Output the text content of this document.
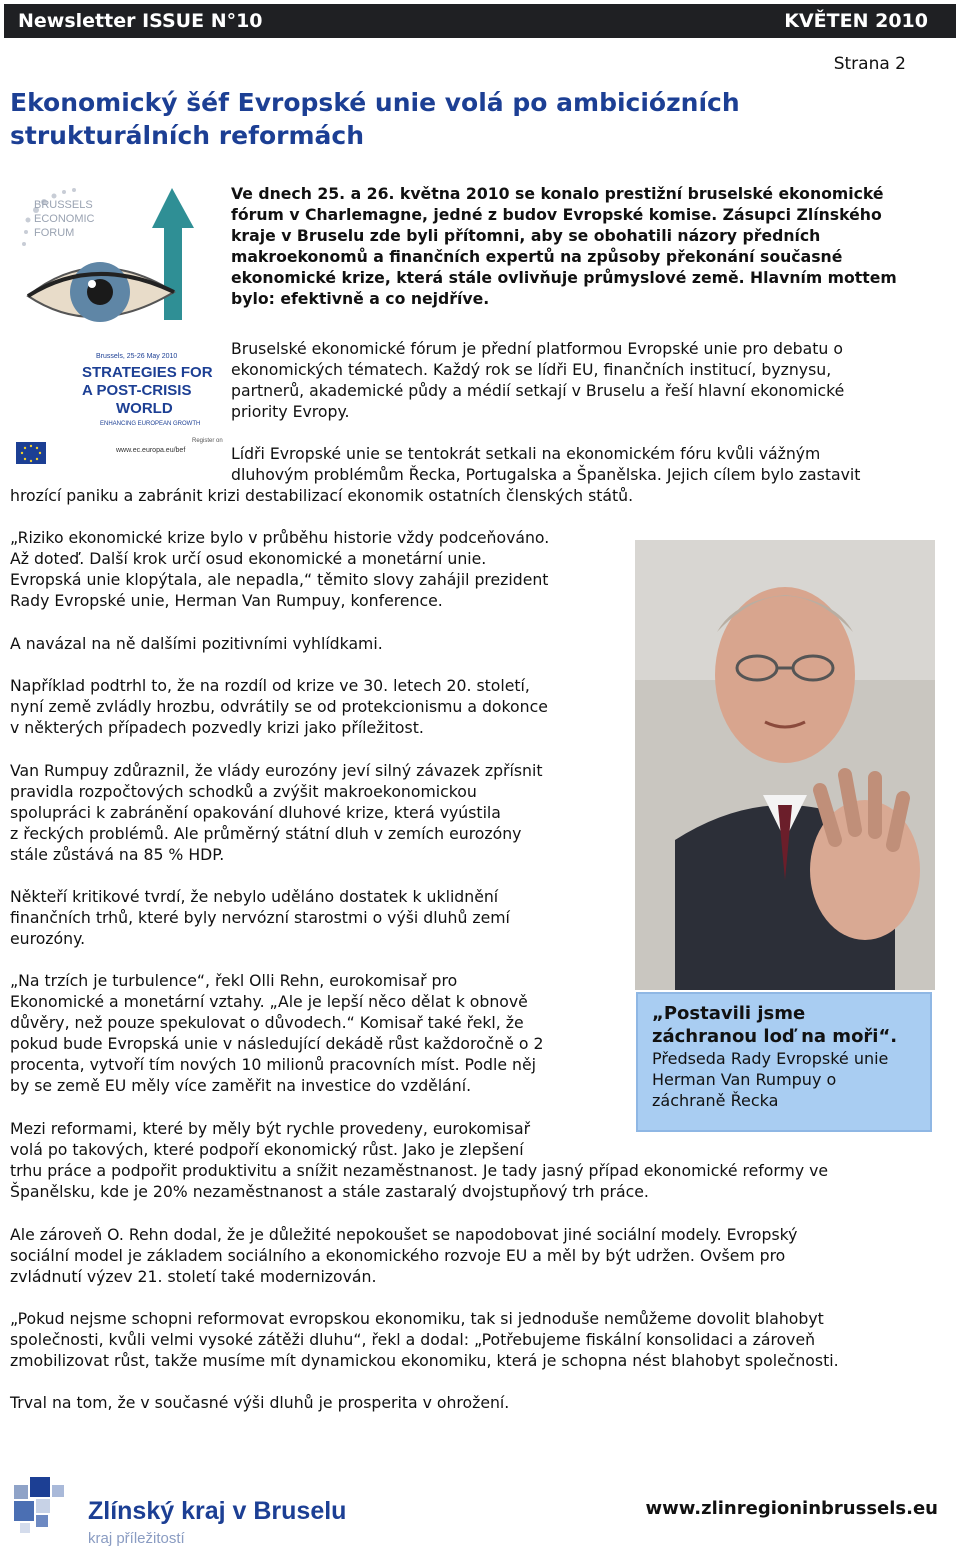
Newsletter ISSUE N°10	KVĚTEN 2010
Strana 2
Ekonomický šéf Evropské unie volá po ambiciózních strukturálních reformách
BRUSSELS
ECONOMIC
FORUM
Brussels, 25-26 May 2010
STRATEGIES FOR
A POST-CRISIS
WORLD
ENHANCING EUROPEAN GROWTH
Register on
www.ec.europa.eu/bef

Ve dnech 25. a 26. května 2010 se konalo prestižní bruselské ekonomické

fórum v Charlemagne, jedné z budov Evropské komise. Zásupci Zlínského

kraje v Bruselu zde byli přítomni, aby se obohatili názory předních

makroekonomů a finančních expertů na způsoby překonání současné

ekonomické krize, která stále ovlivňuje průmyslové země. Hlavním mottem

bylo: efektivně a co nejdříve.

Bruselské ekonomické fórum je přední platformou Evropské unie pro debatu o

ekonomických tématech. Každý rok se lídři EU, finančních institucí, byznysu,

partnerů, akademické půdy a médií setkají v Bruselu a řeší hlavní ekonomické

priority Evropy.

Lídři Evropské unie se tentokrát setkali na ekonomickém fóru kvůli vážným

dluhovým problémům Řecka, Portugalska a Španělska. Jejich cílem bylo zastavit

hrozící paniku a zabránit krizi destabilizací ekonomik ostatních členských států.

„Riziko ekonomické krize bylo v průběhu historie vždy podceňováno.

Až doteď. Další krok určí osud ekonomické a monetární unie.

Evropská unie klopýtala, ale nepadla,“ těmito slovy zahájil prezident

Rady Evropské unie, Herman Van Rumpuy, konference.

A navázal na ně dalšími pozitivními vyhlídkami.

Například podtrhl to, že na rozdíl od krize ve 30. letech 20. století,

nyní země zvládly hrozbu, odvrátily se od protekcionismu a dokonce

v některých případech pozvedly krizi jako příležitost.

Van Rumpuy zdůraznil, že vlády eurozóny jeví silný závazek zpřísnit

pravidla rozpočtových schodků a zvýšit makroekonomickou

spolupráci k zabránění opakování dluhové krize, která vyústila

z řeckých problémů. Ale průměrný státní dluh v zemích eurozóny

stále zůstává na 85 % HDP.

Někteří kritikové tvrdí, že nebylo uděláno dostatek k uklidnění

finančních trhů, které byly nervózní starostmi o výši dluhů zemí

eurozóny.

„Na trzích je turbulence“, řekl Olli Rehn, eurokomisař pro

Ekonomické a monetární vztahy. „Ale je lepší něco dělat k obnově

důvěry, než pouze spekulovat o důvodech.“ Komisař také řekl, že

pokud bude Evropská unie v následující dekádě růst každoročně o 2

procenta, vytvoří tím nových 10 milionů pracovních míst. Podle něj

by se země EU měly více zaměřit na investice do vzdělání.

Mezi reformami, které by měly být rychle provedeny, eurokomisař

volá po takových, které podpoří ekonomický růst. Jako je zlepšení

trhu práce a podpořit produktivitu a snížit nezaměstnanost. Je tady jasný případ ekonomické reformy ve

Španělsku, kde je 20% nezaměstnanost a stále zastaralý dvojstupňový trh práce.

Ale zároveň O. Rehn dodal, že je důležité nepokoušet se napodobovat jiné sociální modely. Evropský

sociální model je základem sociálního a ekonomického rozvoje EU a měl by být udržen. Ovšem pro

zvládnutí výzev 21. století také modernizován.

„Pokud nejsme schopni reformovat evropskou ekonomiku, tak si jednoduše nemůžeme dovolit blahobyt

společnosti, kvůli velmi vysoké zátěži dluhu“, řekl a dodal: „Potřebujeme fiskální konsolidaci a zároveň

zmobilizovat růst, takže musíme mít dynamickou ekonomiku, která je schopna nést blahobyt společnosti.

Trval na tom, že v současné výši dluhů je prosperita v ohrožení.

„Postavili jsme

záchranou loď na moři“.

Předseda Rady Evropské unie

Herman Van Rumpuy o

záchraně Řecka

Zlínský kraj v Bruselu
kraj příležitostí
www.zlinregioninbrussels.eu
